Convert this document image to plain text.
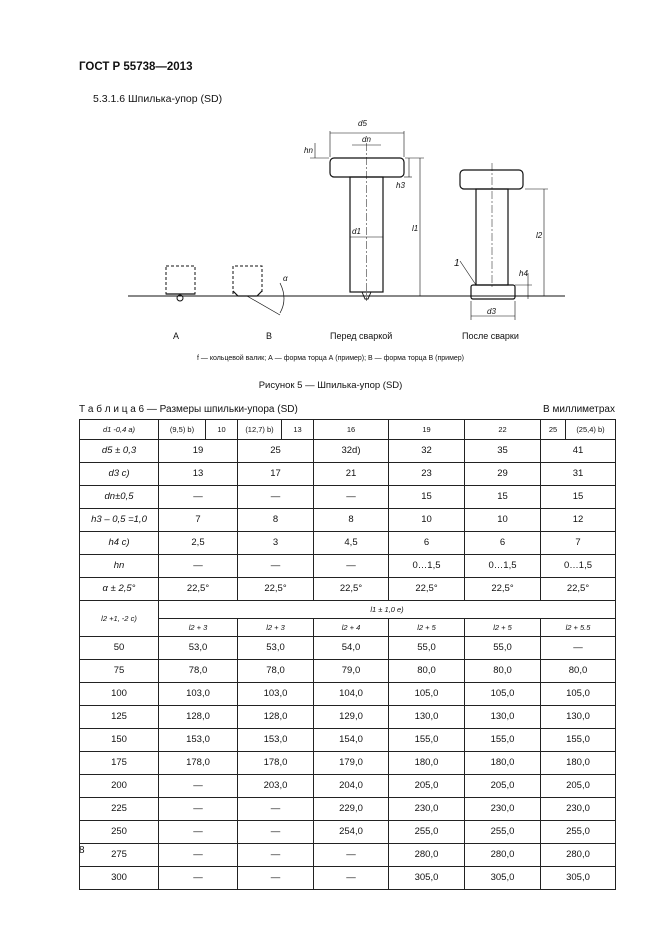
ГОСТ Р 55738—2013
5.3.1.6 Шпилька-упор (SD)
α
d5
dn
hn
h3
d1	l1
l2
h4
d3
1
А	В	Перед сваркой	После сварки
f — кольцевой валик; А — форма торца А (пример); В — форма торца В (пример)
Рисунок 5 — Шпилька-упор (SD)
Т а б л и ц а 6 — Размеры шпильки-упора (SD)	В миллиметрах
d1 -0,4 a)	(9,5) b)	10	(12,7) b)	13	16	19	22	25	(25,4) b)
d5 ± 0,3	19		25		32d)	32	35	41	
d3 c)	13		17		21	23	29	31	
dn±0,5	—		—		—	15	15	15	
h3 – 0,5 =1,0	7		8		8	10	10	12	
h4 c)	2,5		3		4,5	6	6	7	
hn	—		—		—	0…1,5	0…1,5	0…1,5	
α ± 2,5°	22,5°		22,5°		22,5°	22,5°	22,5°	22,5°	
l2 +1, -2 c)	l1 ± 1,0 e)								
	l2 + 3		l2 + 3		l2 + 4	l2 + 5	l2 + 5	l2 + 5.5	
50	53,0		53,0		54,0	55,0	55,0	—	
75	78,0		78,0		79,0	80,0	80,0	80,0	
100	103,0		103,0		104,0	105,0	105,0	105,0	
125	128,0		128,0		129,0	130,0	130,0	130,0	
150	153,0		153,0		154,0	155,0	155,0	155,0	
175	178,0		178,0		179,0	180,0	180,0	180,0	
200	—		203,0		204,0	205,0	205,0	205,0	
225	—		—		229,0	230,0	230,0	230,0	
250	—		—		254,0	255,0	255,0	255,0	
275	—		—		—	280,0	280,0	280,0	
300	—		—		—	305,0	305,0	305,0	
8
